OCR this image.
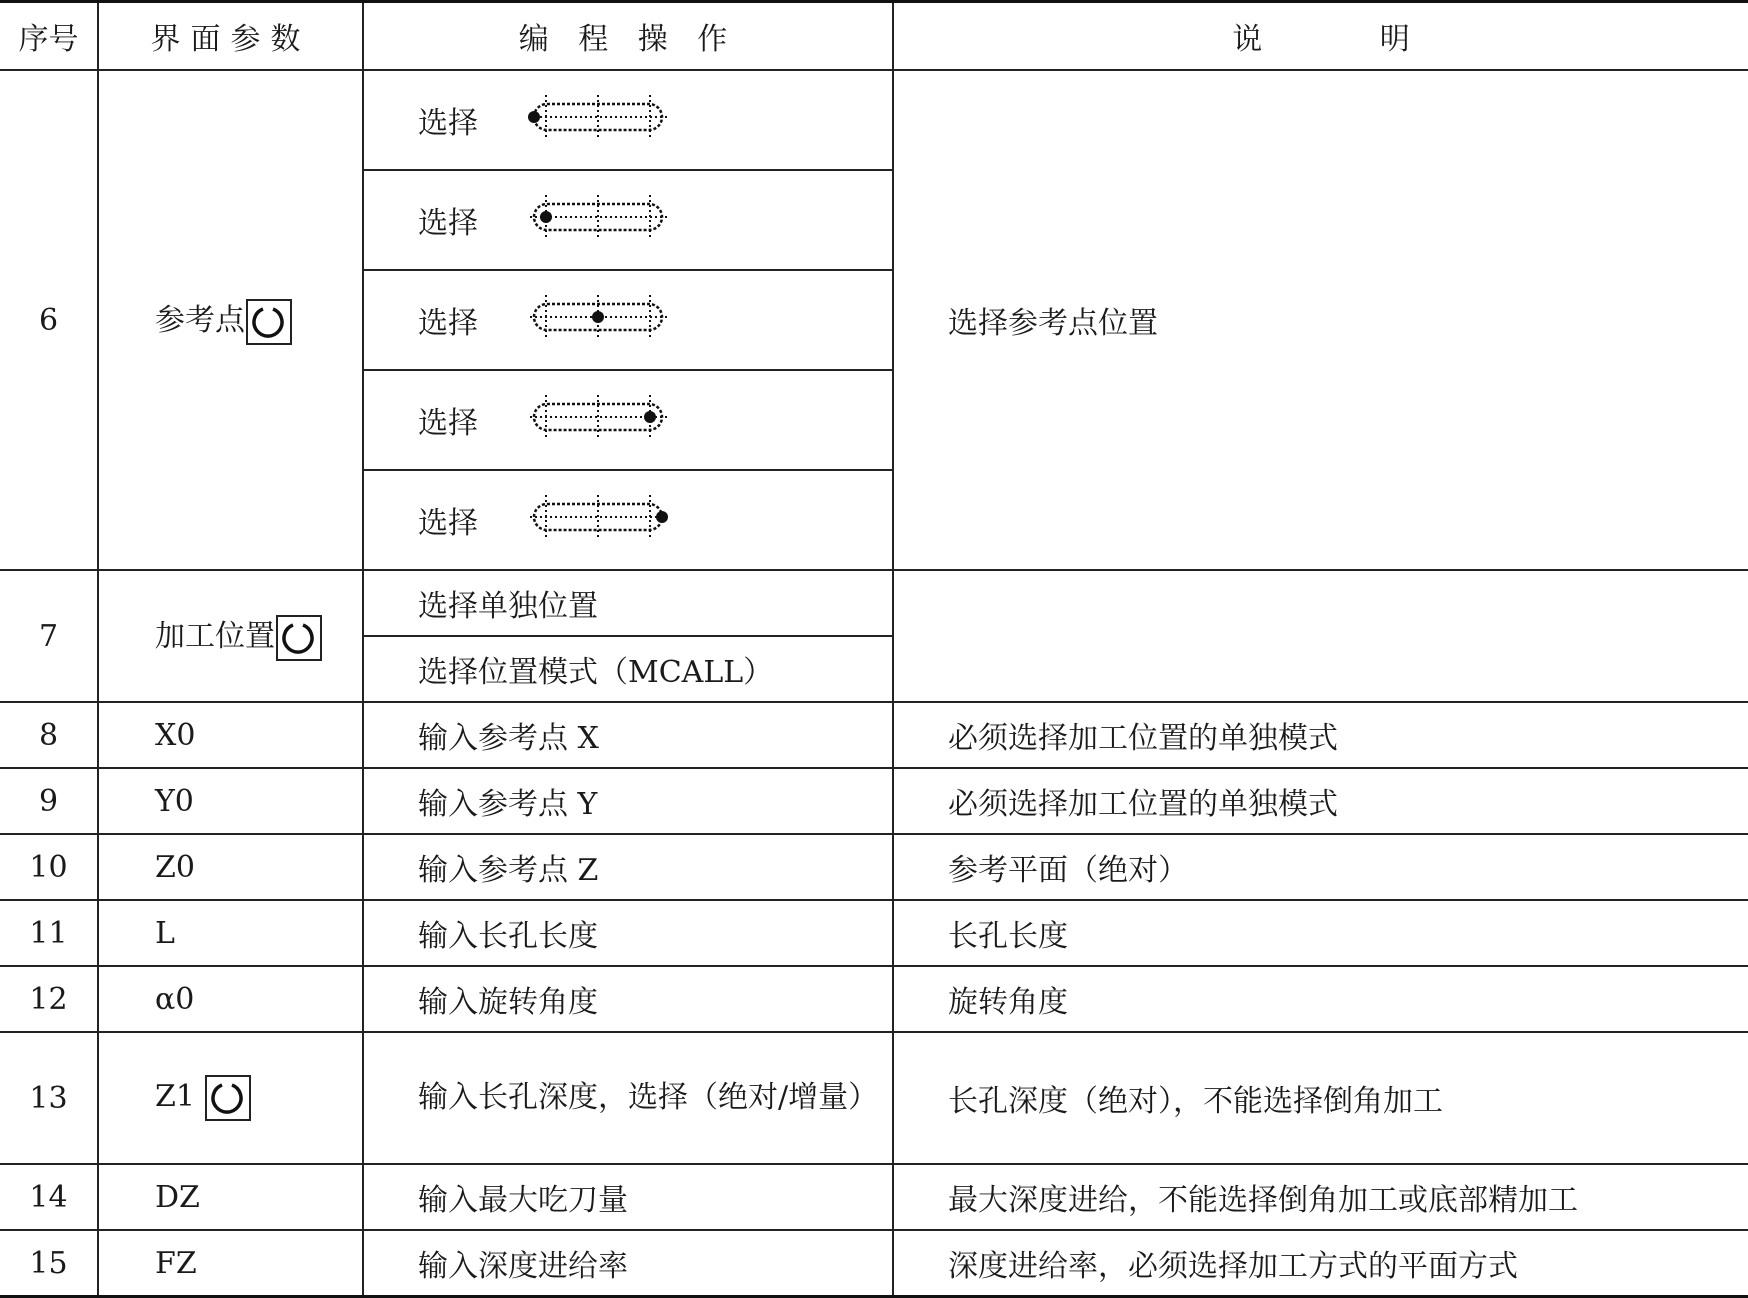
序号	界面参数	编 程 操 作	说 明
6	参考点	选择	选择参考点位置
		选择	
		选择	
		选择	
		选择	
7	加工位置	选择单独位置	
		选择位置模式（MCALL）	
8	X0	输入参考点 X	必须选择加工位置的单独模式
9	Y0	输入参考点 Y	必须选择加工位置的单独模式
10	Z0	输入参考点 Z	参考平面（绝对）
11	L	输入长孔长度	长孔长度
12	α0	输入旋转角度	旋转角度
13	Z1	输入长孔深度，选择（绝对/增量）	长孔深度（绝对），不能选择倒角加工
14	DZ	输入最大吃刀量	最大深度进给，不能选择倒角加工或底部精加工
15	FZ	输入深度进给率	深度进给率，必须选择加工方式的平面方式
